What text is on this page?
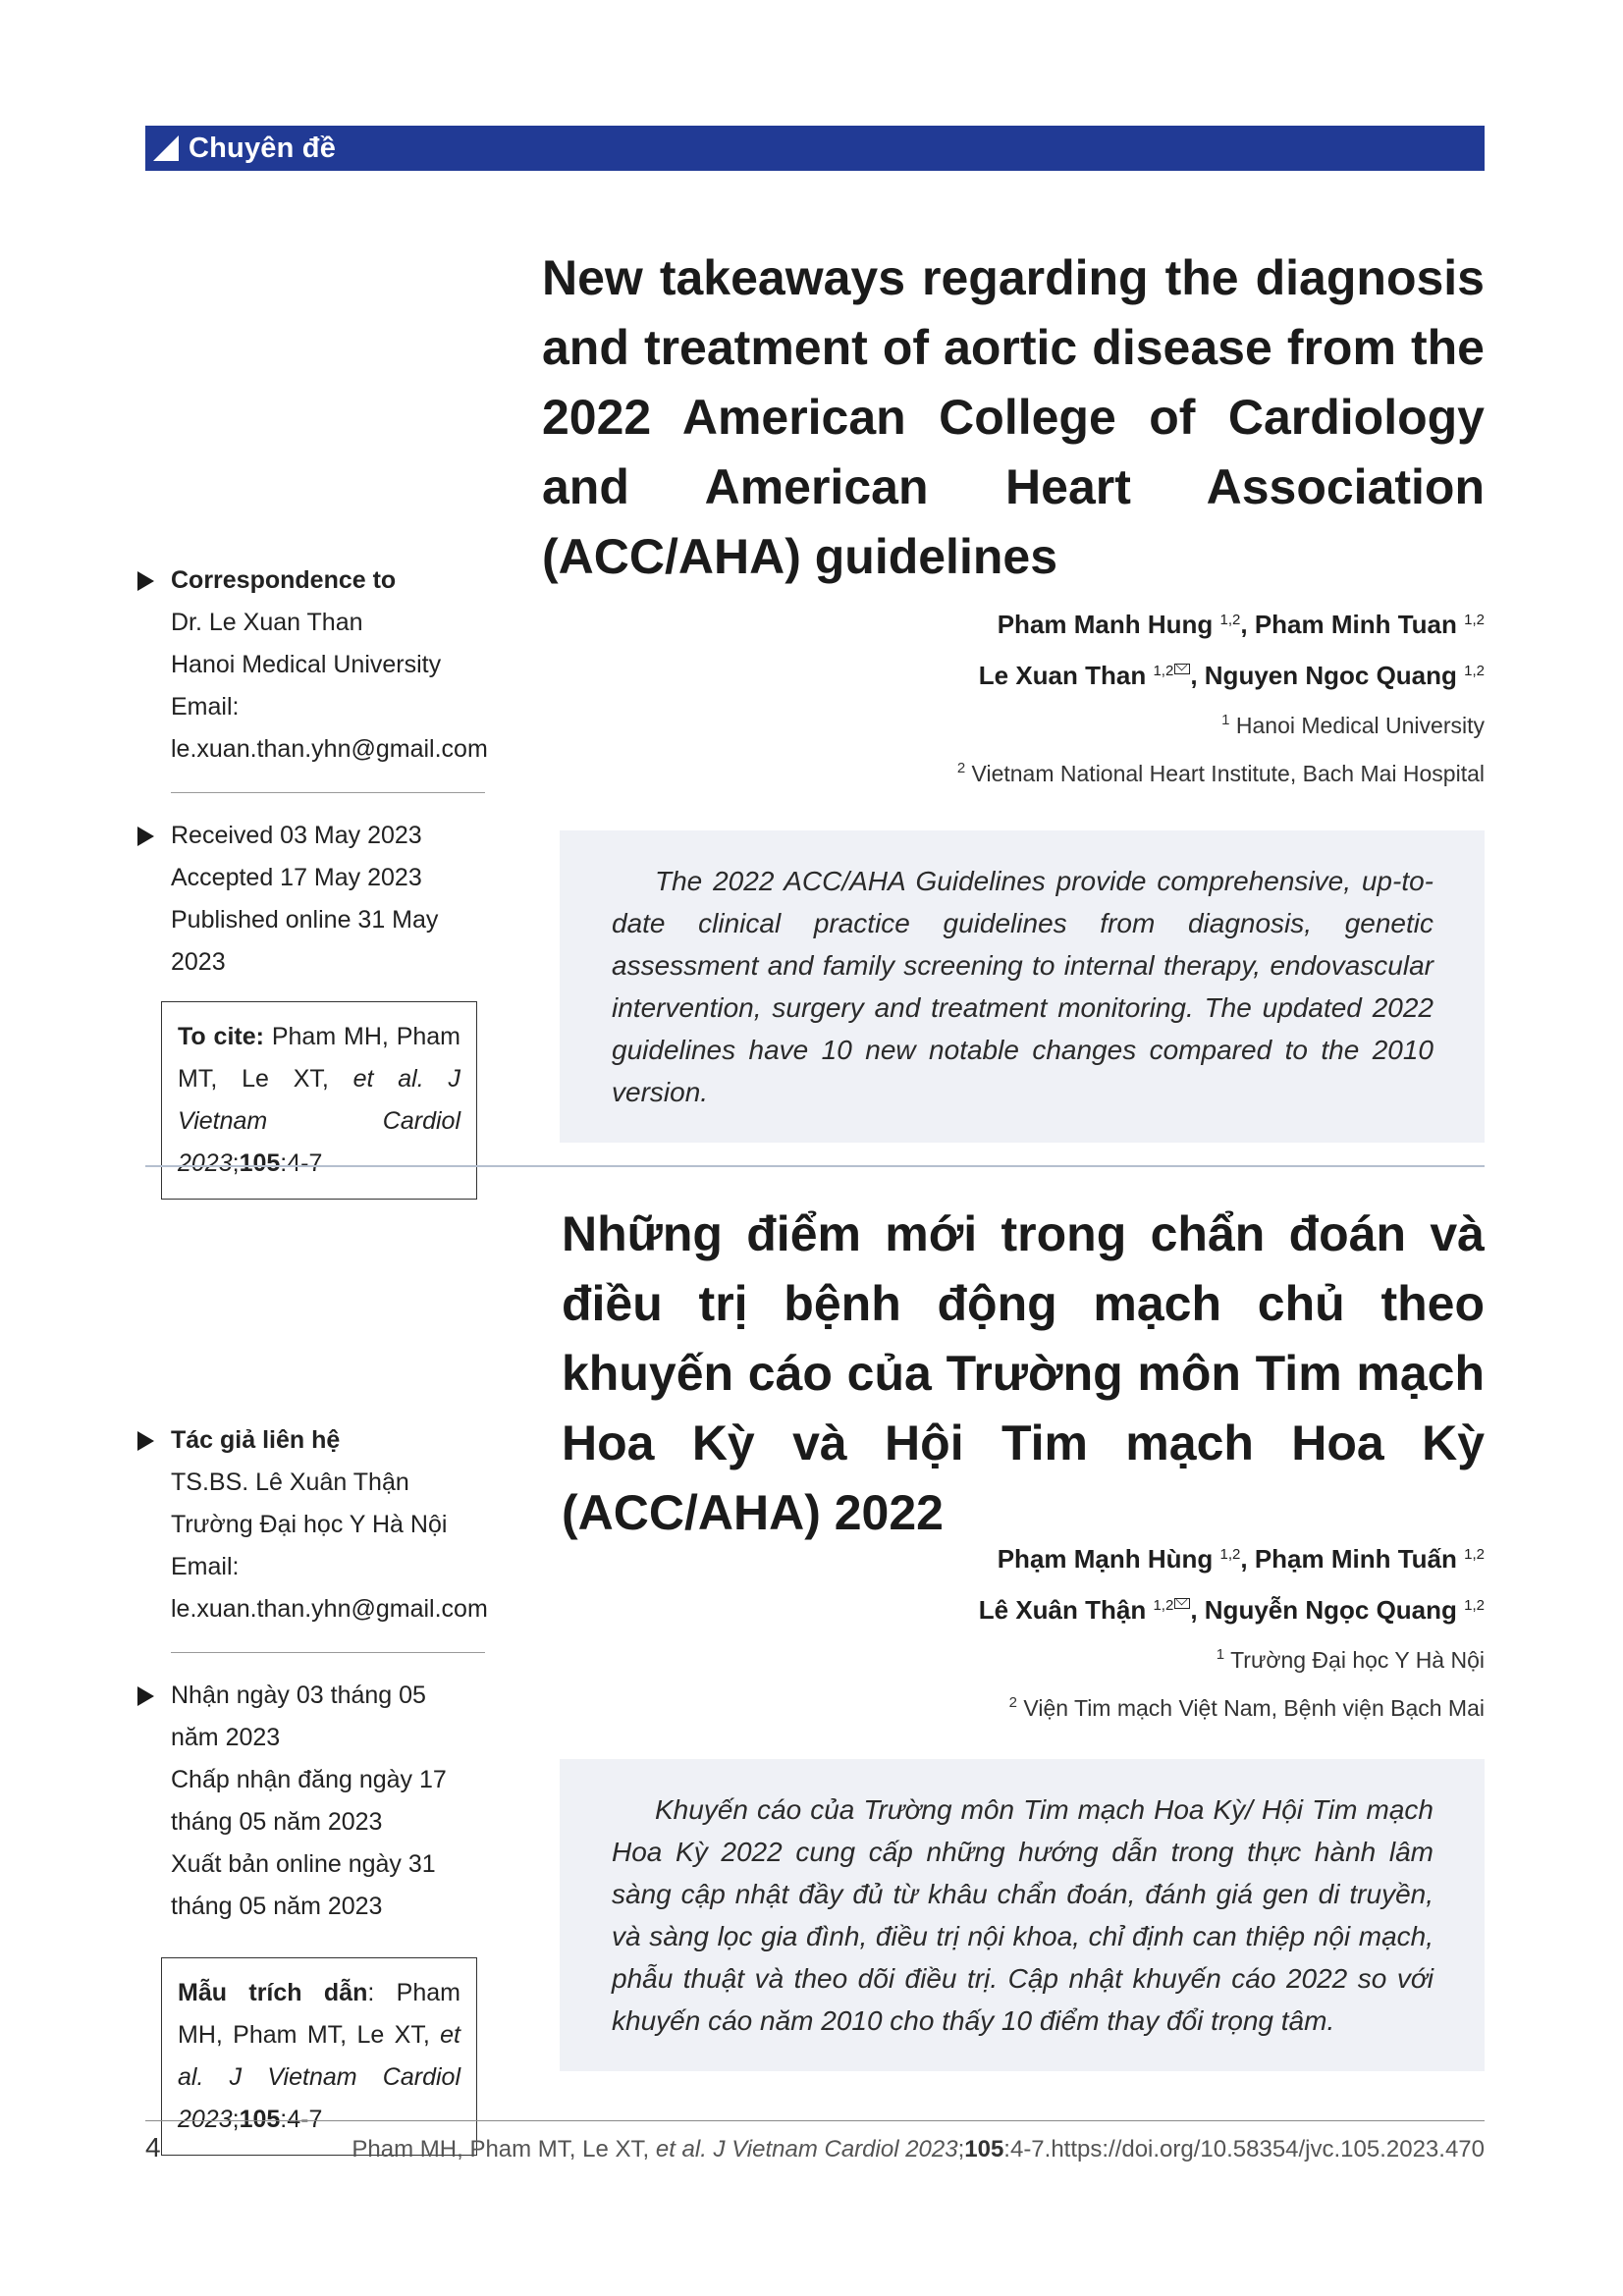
Chuyên đề
New takeaways regarding the diagnosis and treatment of aortic disease from the 2022 American College of Cardiology and American Heart Association (ACC/AHA) guidelines
Correspondence to
Dr. Le Xuan Than
Hanoi Medical University
Email: le.xuan.than.yhn@gmail.com
Received 03 May 2023
Accepted 17 May 2023
Published online 31 May 2023
To cite: Pham MH, Pham MT, Le XT, et al. J Vietnam Cardiol 2023;105:4-7
Pham Manh Hung $^{1,2}$, Pham Minh Tuan $^{1,2}$
Le Xuan Than $^{1,2}$ , Nguyen Ngoc Quang $^{1,2}$
$^1$ Hanoi Medical University
$^2$ Vietnam National Heart Institute, Bach Mai Hospital
The 2022 ACC/AHA Guidelines provide comprehensive, up-to-date clinical practice guidelines from diagnosis, genetic assessment and family screening to internal therapy, endovascular intervention, surgery and treatment monitoring. The updated 2022 guidelines have 10 new notable changes compared to the 2010 version.
Những điểm mới trong chẩn đoán và điều trị bệnh động mạch chủ theo khuyến cáo của Trường môn Tim mạch Hoa Kỳ và Hội Tim mạch Hoa Kỳ (ACC/AHA) 2022
Tác giả liên hệ
TS.BS. Lê Xuân Thận
Trường Đại học Y Hà Nội
Email: le.xuan.than.yhn@gmail.com
Nhận ngày 03 tháng 05 năm 2023
Chấp nhận đăng ngày 17 tháng 05 năm 2023
Xuất bản online ngày 31 tháng 05 năm 2023
Mẫu trích dẫn: Pham MH, Pham MT, Le XT, et al. J Vietnam Cardiol 2023;105:4-7
Phạm Mạnh Hùng $^{1,2}$, Phạm Minh Tuấn $^{1,2}$
Lê Xuân Thận $^{1,2}$ , Nguyễn Ngọc Quang $^{1,2}$
$^1$ Trường Đại học Y Hà Nội
$^2$ Viện Tim mạch Việt Nam, Bệnh viện Bạch Mai
Khuyến cáo của Trường môn Tim mạch Hoa Kỳ/ Hội Tim mạch Hoa Kỳ 2022 cung cấp những hướng dẫn trong thực hành lâm sàng cập nhật đầy đủ từ khâu chẩn đoán, đánh giá gen di truyền, và sàng lọc gia đình, điều trị nội khoa, chỉ định can thiệp nội mạch, phẫu thuật và theo dõi điều trị. Cập nhật khuyến cáo 2022 so với khuyến cáo năm 2010 cho thấy 10 điểm thay đổi trọng tâm.
4	Pham MH, Pham MT, Le XT, et al. J Vietnam Cardiol 2023;105:4-7.https://doi.org/10.58354/jvc.105.2023.470
